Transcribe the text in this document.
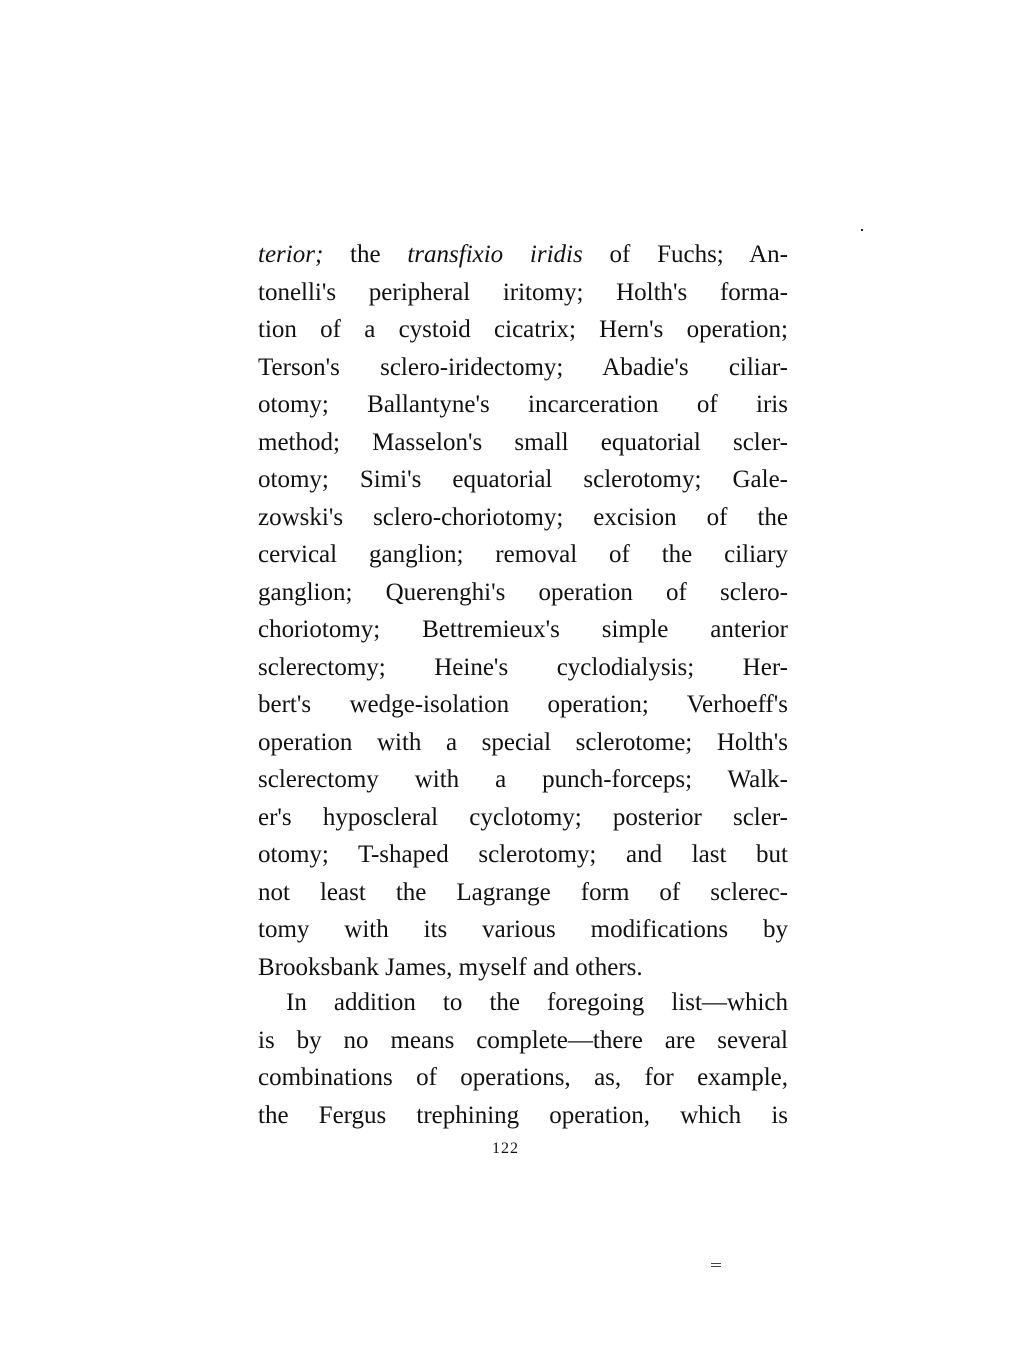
terior; the transfixio iridis of Fuchs; An-
tonelli's peripheral iritomy; Holth's forma-
tion of a cystoid cicatrix; Hern's operation;
Terson's sclero-iridectomy; Abadie's ciliar-
otomy; Ballantyne's incarceration of iris
method; Masselon's small equatorial scler-
otomy; Simi's equatorial sclerotomy; Gale-
zowski's sclero-choriotomy; excision of the
cervical ganglion; removal of the ciliary
ganglion; Querenghi's operation of sclero-
choriotomy; Bettremieux's simple anterior
sclerectomy; Heine's cyclodialysis; Her-
bert's wedge-isolation operation; Verhoeff's
operation with a special sclerotome; Holth's
sclerectomy with a punch-forceps; Walk-
er's hyposcleral cyclotomy; posterior scler-
otomy; T-shaped sclerotomy; and last but
not least the Lagrange form of sclerec-
tomy with its various modifications by
Brooksbank James, myself and others.
In addition to the foregoing list—which
is by no means complete—there are several
combinations of operations, as, for example,
the Fergus trephining operation, which is
122
